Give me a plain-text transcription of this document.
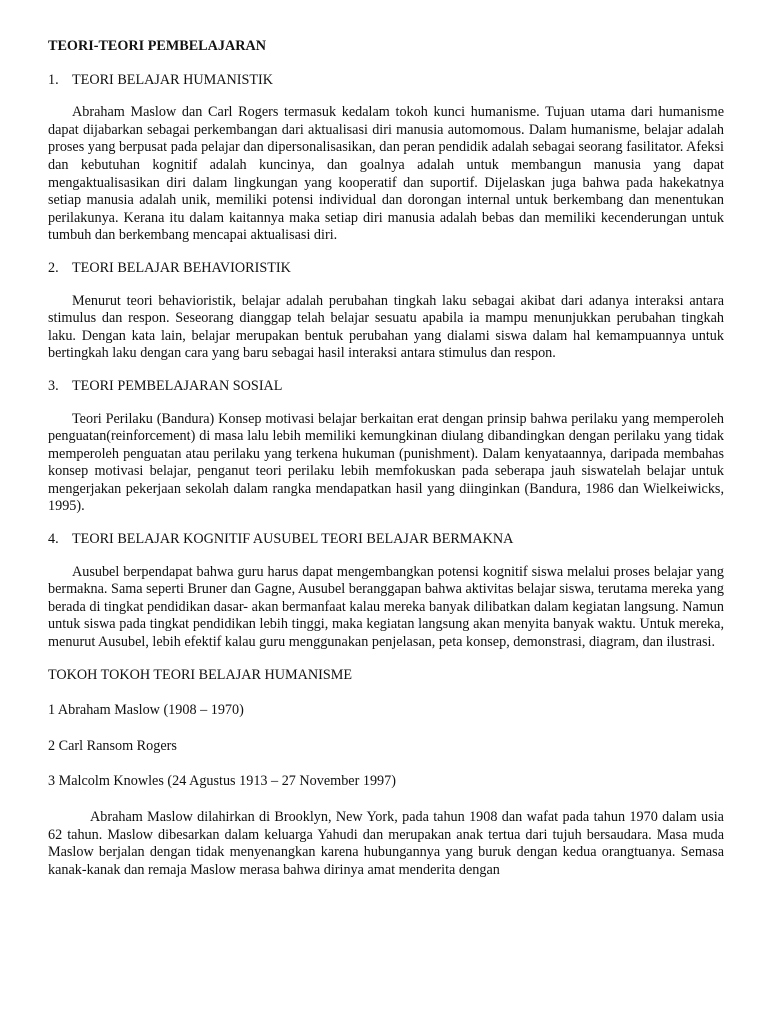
TEORI-TEORI PEMBELAJARAN
1. TEORI BELAJAR HUMANISTIK

Abraham Maslow dan Carl Rogers termasuk kedalam tokoh kunci humanisme. Tujuan utama dari humanisme dapat dijabarkan sebagai perkembangan dari aktualisasi diri manusia automomous. Dalam humanisme, belajar adalah proses yang berpusat pada pelajar dan dipersonalisasikan, dan peran pendidik adalah sebagai seorang fasilitator. Afeksi dan kebutuhan kognitif adalah kuncinya, dan goalnya adalah untuk membangun manusia yang dapat mengaktualisasikan diri dalam lingkungan yang kooperatif dan suportif. Dijelaskan juga bahwa pada hakekatnya setiap manusia adalah unik, memiliki potensi individual dan dorongan internal untuk berkembang dan menentukan perilakunya. Kerana itu dalam kaitannya maka setiap diri manusia adalah bebas dan memiliki kecenderungan untuk tumbuh dan berkembang mencapai aktualisasi diri.

2. TEORI BELAJAR BEHAVIORISTIK

Menurut teori behavioristik, belajar adalah perubahan tingkah laku sebagai akibat dari adanya interaksi antara stimulus dan respon. Seseorang dianggap telah belajar sesuatu apabila ia mampu menunjukkan perubahan tingkah laku. Dengan kata lain, belajar merupakan bentuk perubahan yang dialami siswa dalam hal kemampuannya untuk bertingkah laku dengan cara yang baru sebagai hasil interaksi antara stimulus dan respon.

3. TEORI PEMBELAJARAN SOSIAL

Teori Perilaku (Bandura) Konsep motivasi belajar berkaitan erat dengan prinsip bahwa perilaku yang memperoleh penguatan(reinforcement) di masa lalu lebih memiliki kemungkinan diulang dibandingkan dengan perilaku yang tidak memperoleh penguatan atau perilaku yang terkena hukuman (punishment). Dalam kenyataannya, daripada membahas konsep motivasi belajar, penganut teori perilaku lebih memfokuskan pada seberapa jauh siswatelah belajar untuk mengerjakan pekerjaan sekolah dalam rangka mendapatkan hasil yang diinginkan (Bandura, 1986 dan Wielkeiwicks, 1995).

4. TEORI BELAJAR KOGNITIF AUSUBEL TEORI BELAJAR BERMAKNA

Ausubel berpendapat bahwa guru harus dapat mengembangkan potensi kognitif siswa melalui proses belajar yang bermakna. Sama seperti Bruner dan Gagne, Ausubel beranggapan bahwa aktivitas belajar siswa, terutama mereka yang berada di tingkat pendidikan dasar- akan bermanfaat kalau mereka banyak dilibatkan dalam kegiatan langsung. Namun untuk siswa pada tingkat pendidikan lebih tinggi, maka kegiatan langsung akan menyita banyak waktu. Untuk mereka, menurut Ausubel, lebih efektif kalau guru menggunakan penjelasan, peta konsep, demonstrasi, diagram, dan ilustrasi.

TOKOH TOKOH TEORI BELAJAR HUMANISME
1 Abraham Maslow (1908 – 1970)
2 Carl Ransom Rogers
3 Malcolm Knowles (24 Agustus 1913 – 27 November 1997)

Abraham Maslow dilahirkan di Brooklyn, New York, pada tahun 1908 dan wafat pada tahun 1970 dalam usia 62 tahun. Maslow dibesarkan dalam keluarga Yahudi dan merupakan anak tertua dari tujuh bersaudara. Masa muda Maslow berjalan dengan tidak menyenangkan karena hubungannya yang buruk dengan kedua orangtuanya. Semasa kanak-kanak dan remaja Maslow merasa bahwa dirinya amat menderita dengan
